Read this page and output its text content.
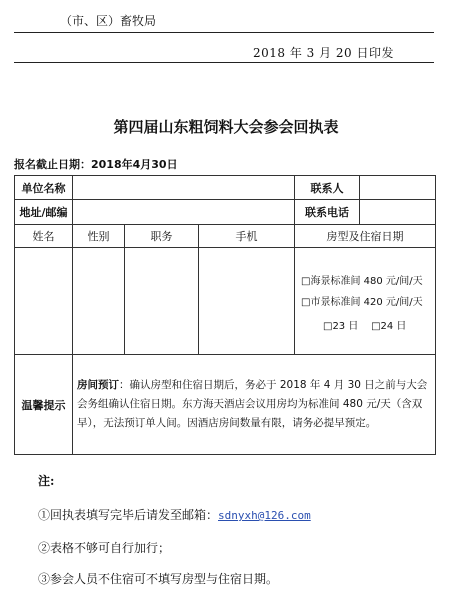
（市、区）畜牧局
2018 年 3 月 20 日印发
第四届山东粗饲料大会参会回执表
报名截止日期：2018年4月30日
单位名称				联系人	
地址/邮编				联系电话	
姓名	性别	职务	手机	房型及住宿日期	

				□海景标准间 480 元/间/天
□市景标准间 420 元/间/天
□23 日 □24 日	

温馨提示	房间预订：确认房型和住宿日期后，务必于 2018 年 4 月 30 日之前与大会会务组确认住宿日期。东方海天酒店会议用房均为标准间 480 元/天（含双早），无法预订单人间。因酒店房间数量有限，请务必提早预定。				
注:
①回执表填写完毕后请发至邮箱：sdnyxh@126.com
②表格不够可自行加行；
③参会人员不住宿可不填写房型与住宿日期。
